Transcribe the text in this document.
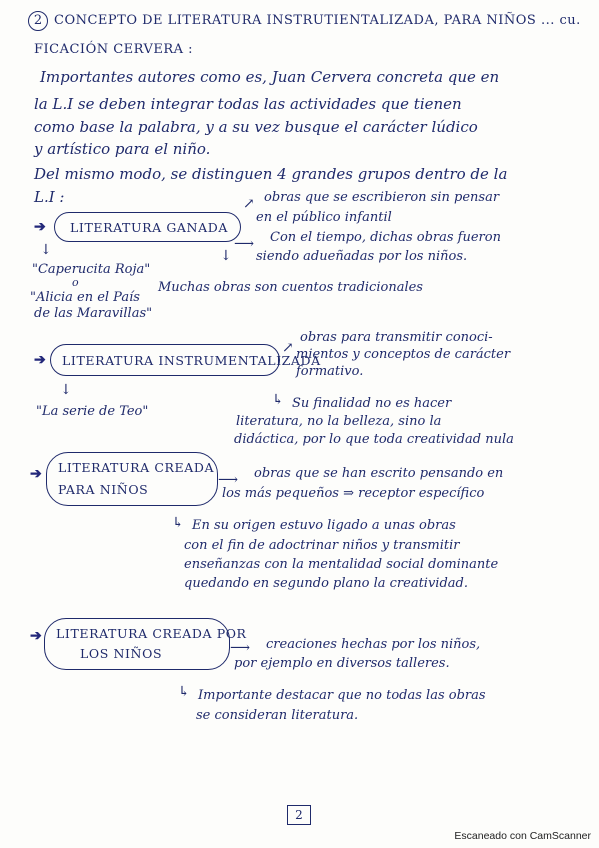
2 CONCEPTO DE LITERATURA INSTRUTIENTALIZADA, PARA NIÑOS ... cu.
FICACIÓN CERVERA :
Importantes autores como es, Juan Cervera concreta que en
la L.I se deben integrar todas las actividades que tienen
como base la palabra, y a su vez busque el carácter lúdico
y artístico para el niño.
Del mismo modo, se distinguen 4 grandes grupos dentro de la
L.I :
➔ LITERATURA GANADA
↗ obras que se escribieron sin pensar
en el público infantil
⟶ Con el tiempo, dichas obras fueron
siendo adueñadas por los niños.
↓	↓
"Caperucita Roja"
o
"Alicia en el País
de las Maravillas"
Muchas obras son cuentos tradicionales
➔ LITERATURA INSTRUMENTALIZADA
↗
obras para transmitir conoci-
mientos y conceptos de carácter
formativo.
↓
"La serie de Teo"
↳ Su finalidad no es hacer
literatura, no la belleza, sino la
didáctica, por lo que toda creatividad nula
➔ LITERATURA CREADA
PARA NIÑOS
⟶ obras que se han escrito pensando en
los más pequeños ⇒ receptor específico
↳ En su origen estuvo ligado a unas obras
con el fin de adoctrinar niños y transmitir
enseñanzas con la mentalidad social dominante
quedando en segundo plano la creatividad.
➔ LITERATURA CREADA POR
LOS NIÑOS	⟶ creaciones hechas por los niños,
por ejemplo en diversos talleres.
↳ Importante destacar que no todas las obras
se consideran literatura.
2
Escaneado con CamScanner
